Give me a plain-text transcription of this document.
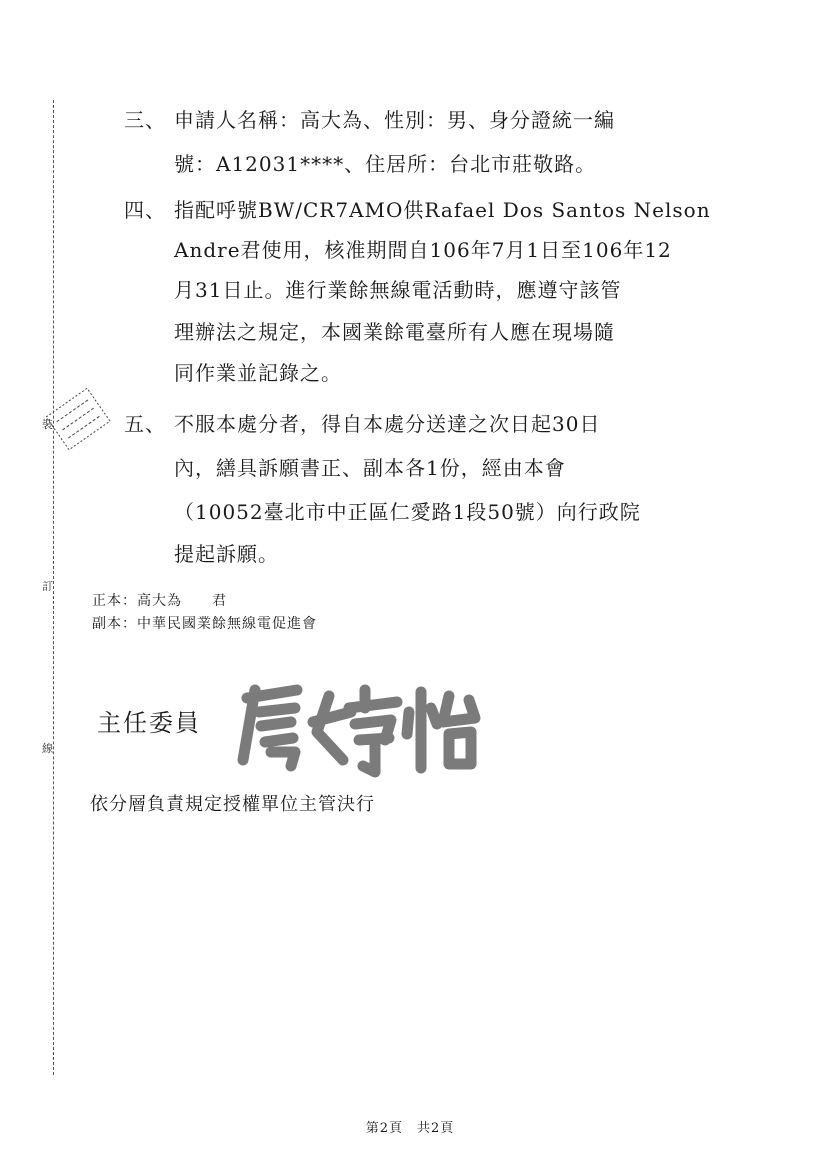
裝
訂
線
三、 申請人名稱：高大為、性別：男、身分證統一編
號：A12031****、住居所：台北市莊敬路。
四、 指配呼號BW/CR7AMO供Rafael Dos Santos Nelson
Andre君使用，核准期間自106年7月1日至106年12
月31日止。進行業餘無線電活動時，應遵守該管
理辦法之規定，本國業餘電臺所有人應在現場隨
同作業並記錄之。
五、 不服本處分者，得自本處分送達之次日起30日
內，繕具訴願書正、副本各1份，經由本會
（10052臺北市中正區仁愛路1段50號）向行政院
提起訴願。
正本：高大為　　君
副本：中華民國業餘無線電促進會
主任委員
詹婷怡
依分層負責規定授權單位主管決行
第2頁 共2頁
